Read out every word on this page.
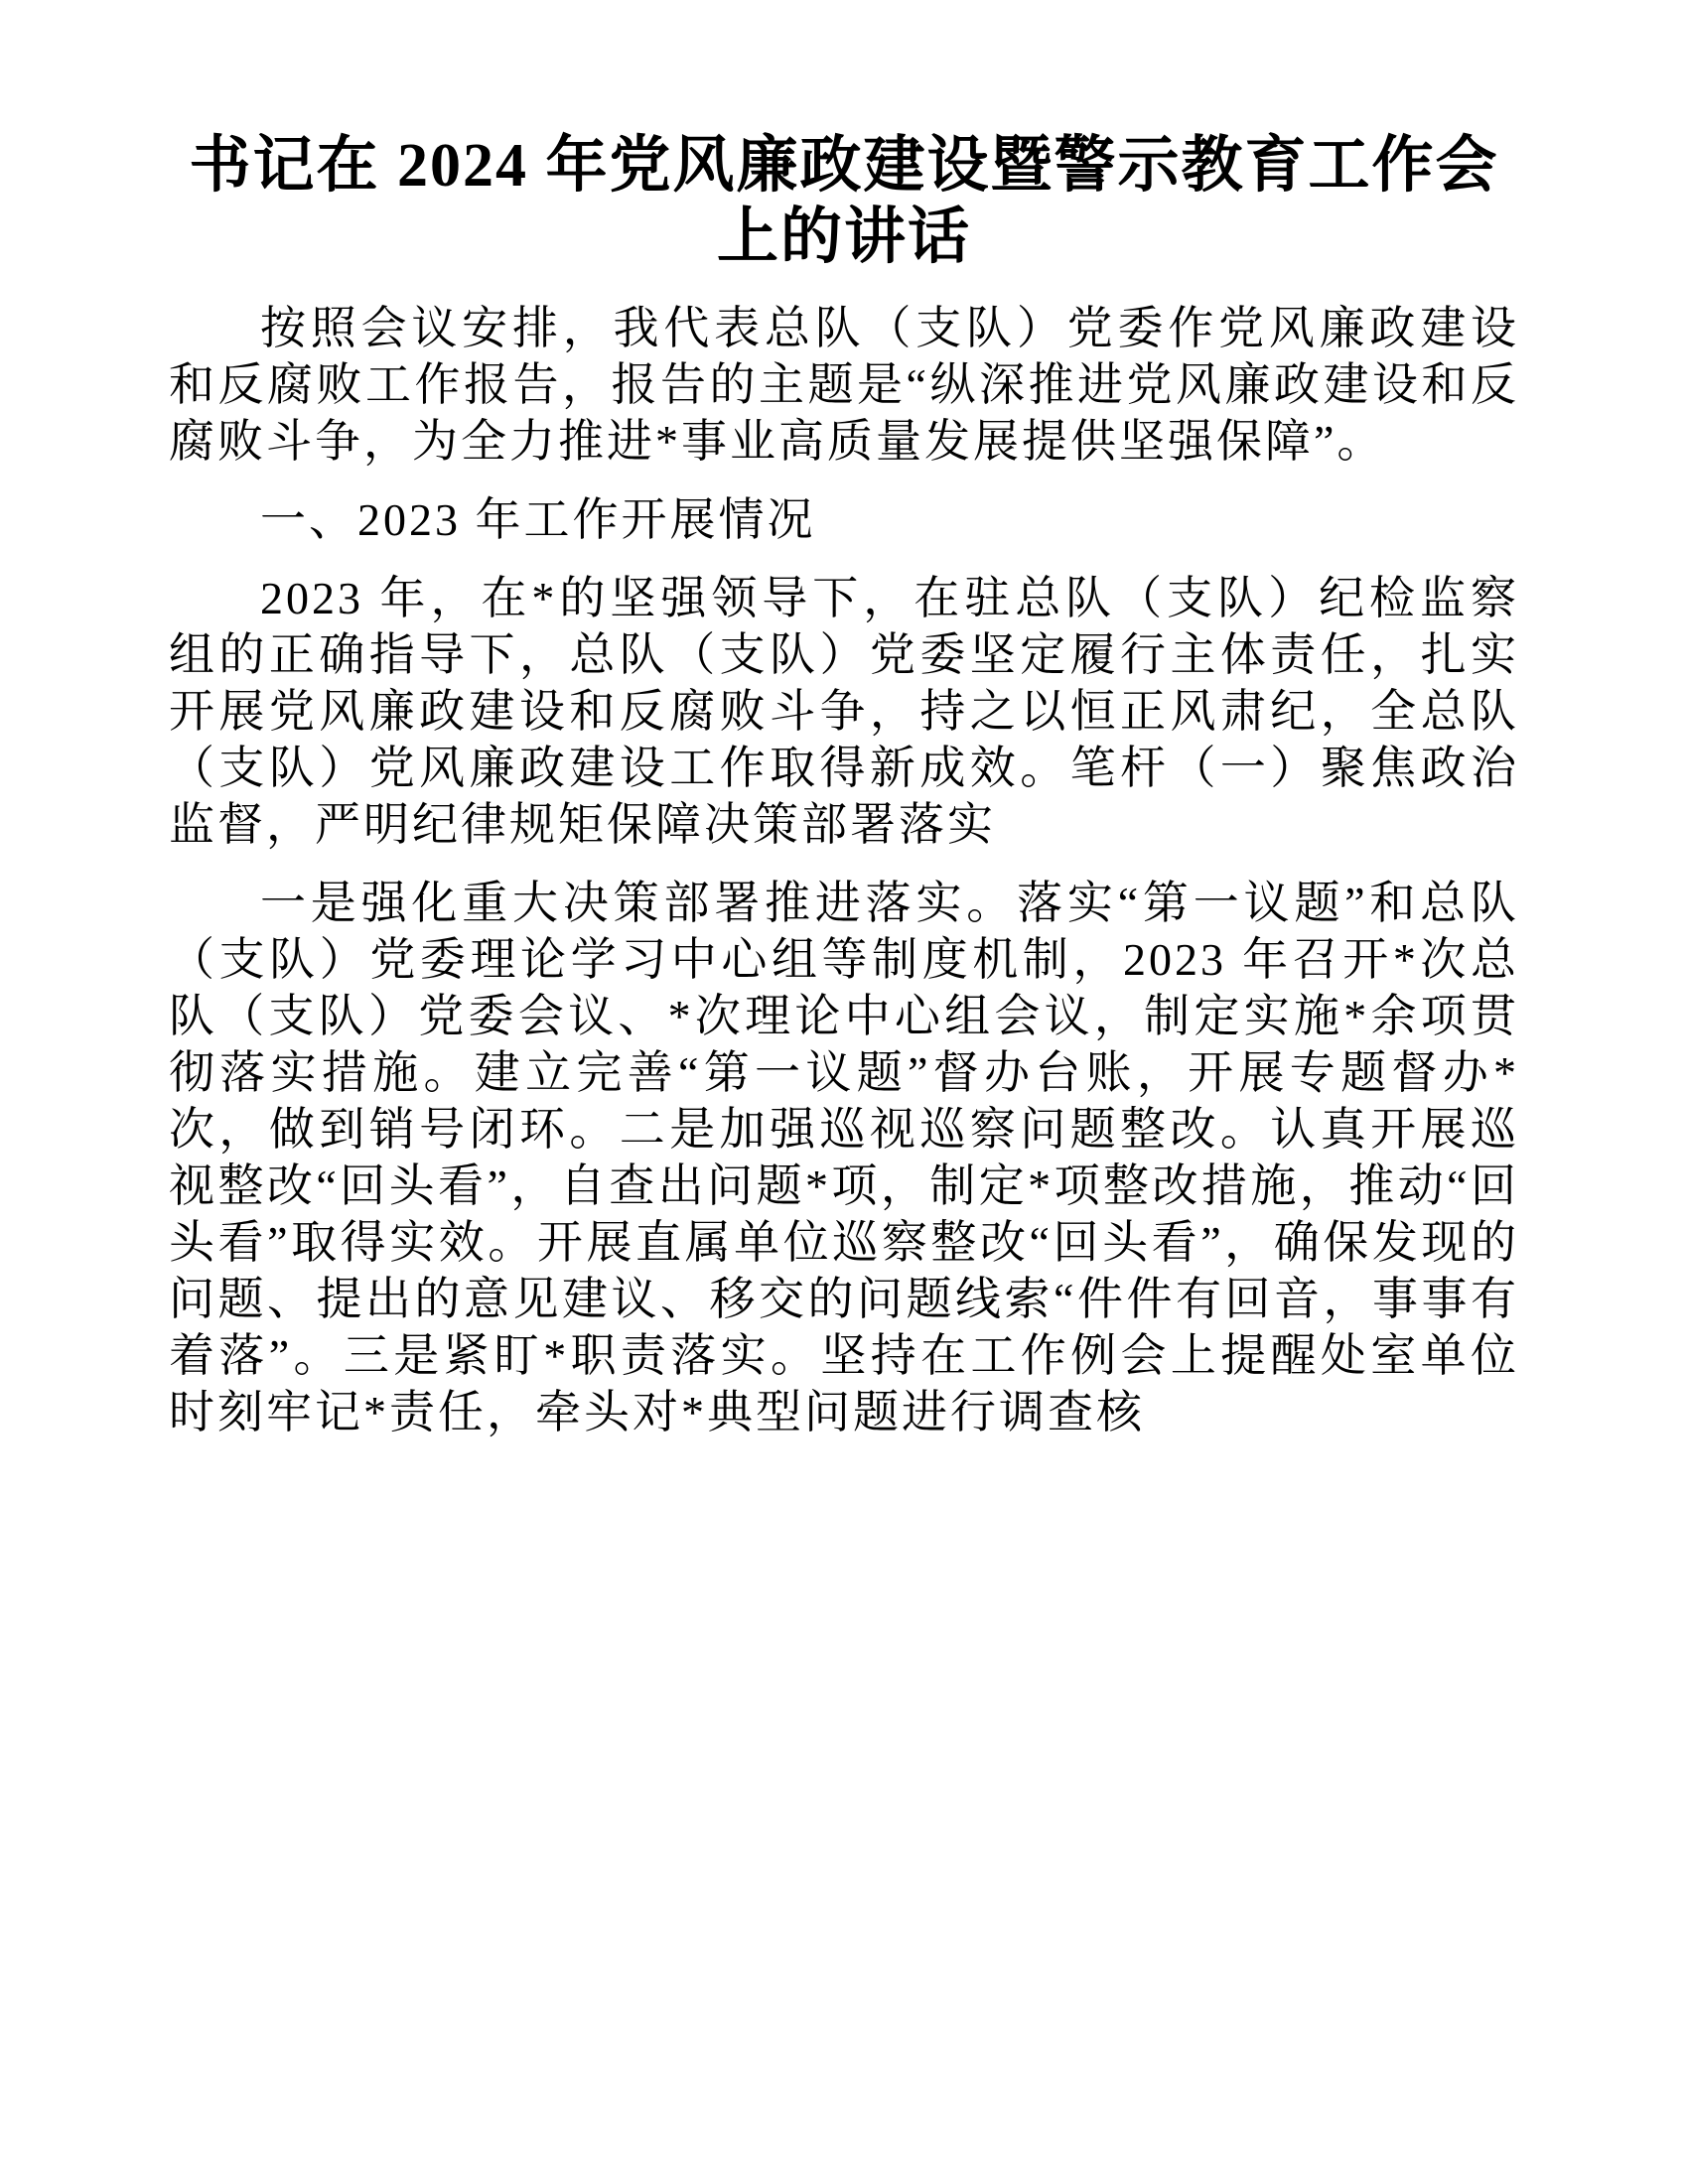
书记在 2024 年党风廉政建设暨警示教育工作会
上的讲话

按照会议安排，我代表总队（支队）党委作党风廉政建设和反腐败工作报告，报告的主题是“纵深推进党风廉政建设和反腐败斗争，为全力推进*事业高质量发展提供坚强保障”。

一、2023 年工作开展情况

2023 年，在*的坚强领导下，在驻总队（支队）纪检监察组的正确指导下，总队（支队）党委坚定履行主体责任，扎实开展党风廉政建设和反腐败斗争，持之以恒正风肃纪，全总队（支队）党风廉政建设工作取得新成效。笔杆（一）聚焦政治监督，严明纪律规矩保障决策部署落实

一是强化重大决策部署推进落实。落实“第一议题”和总队（支队）党委理论学习中心组等制度机制，2023 年召开*次总队（支队）党委会议、*次理论中心组会议，制定实施*余项贯彻落实措施。建立完善“第一议题”督办台账，开展专题督办*次，做到销号闭环。二是加强巡视巡察问题整改。认真开展巡视整改“回头看”，自查出问题*项，制定*项整改措施，推动“回头看”取得实效。开展直属单位巡察整改“回头看”，确保发现的问题、提出的意见建议、移交的问题线索“件件有回音，事事有着落”。三是紧盯*职责落实。坚持在工作例会上提醒处室单位时刻牢记*责任，牵头对*典型问题进行调查核
